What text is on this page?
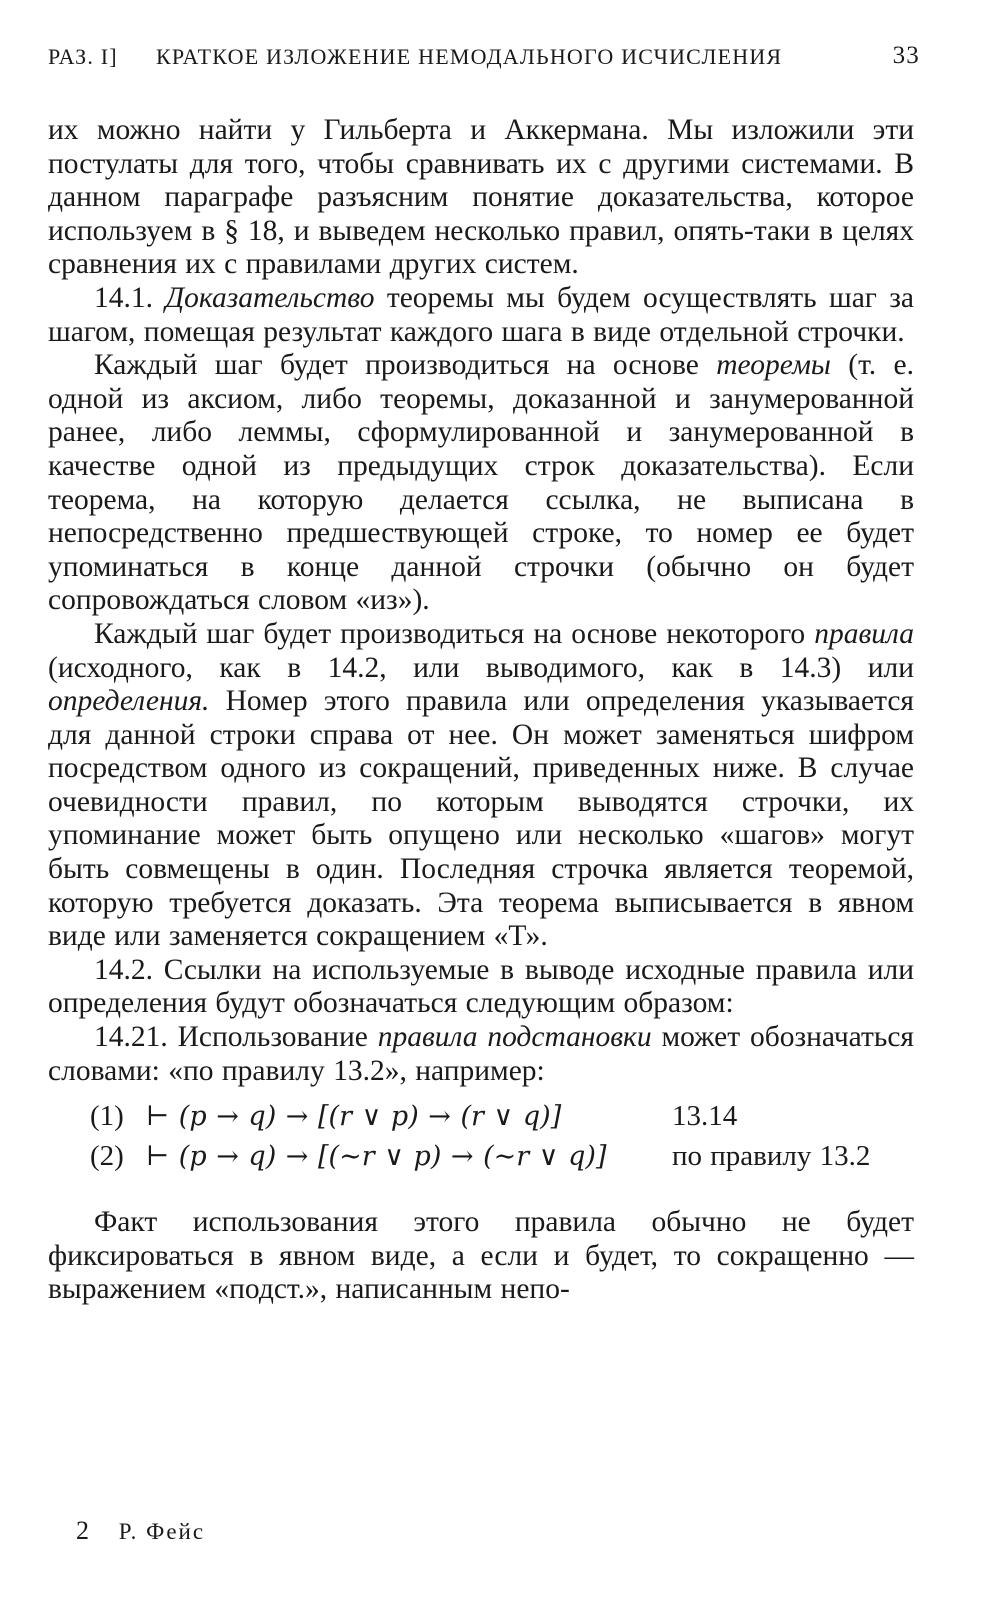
РАЗ. I] КРАТКОЕ ИЗЛОЖЕНИЕ НЕМОДАЛЬНОГО ИСЧИСЛЕНИЯ	33

их можно найти у Гильберта и Аккермана. Мы изложили эти постулаты для того, чтобы сравнивать их с другими системами. В данном параграфе разъясним понятие доказательства, которое используем в § 18, и выведем несколько правил, опять-таки в целях сравнения их с правилами других систем.

14.1. Доказательство теоремы мы будем осуществлять шаг за шагом, помещая результат каждого шага в виде отдельной строчки.

Каждый шаг будет производиться на основе теоремы (т. е. одной из аксиом, либо теоремы, доказанной и занумерованной ранее, либо леммы, сформулированной и занумерованной в качестве одной из предыдущих строк доказательства). Если теорема, на которую делается ссылка, не выписана в непосредственно предшествующей строке, то номер ее будет упоминаться в конце данной строчки (обычно он будет сопровождаться словом «из»).

Каждый шаг будет производиться на основе некоторого правила (исходного, как в 14.2, или выводимого, как в 14.3) или определения. Номер этого правила или определения указывается для данной строки справа от нее. Он может заменяться шифром посредством одного из сокращений, приведенных ниже. В случае очевидности правил, по которым выводятся строчки, их упоминание может быть опущено или несколько «шагов» могут быть совмещены в один. Последняя строчка является теоремой, которую требуется доказать. Эта теорема выписывается в явном виде или заменяется сокращением «Т».

14.2. Ссылки на используемые в выводе исходные правила или определения будут обозначаться следующим образом:

14.21. Использование правила подстановки может обозначаться словами: «по правилу 13.2», например:

(1) ⊢ (p → q) → [(r ∨ p) → (r ∨ q)]	13.14
(2) ⊢ (p → q) → [(∼r ∨ p) → (∼r ∨ q)] по правилу 13.2

Факт использования этого правила обычно не будет фиксироваться в явном виде, а если и будет, то сокращенно — выражением «подст.», написанным непо-

2 Р. Фейс
